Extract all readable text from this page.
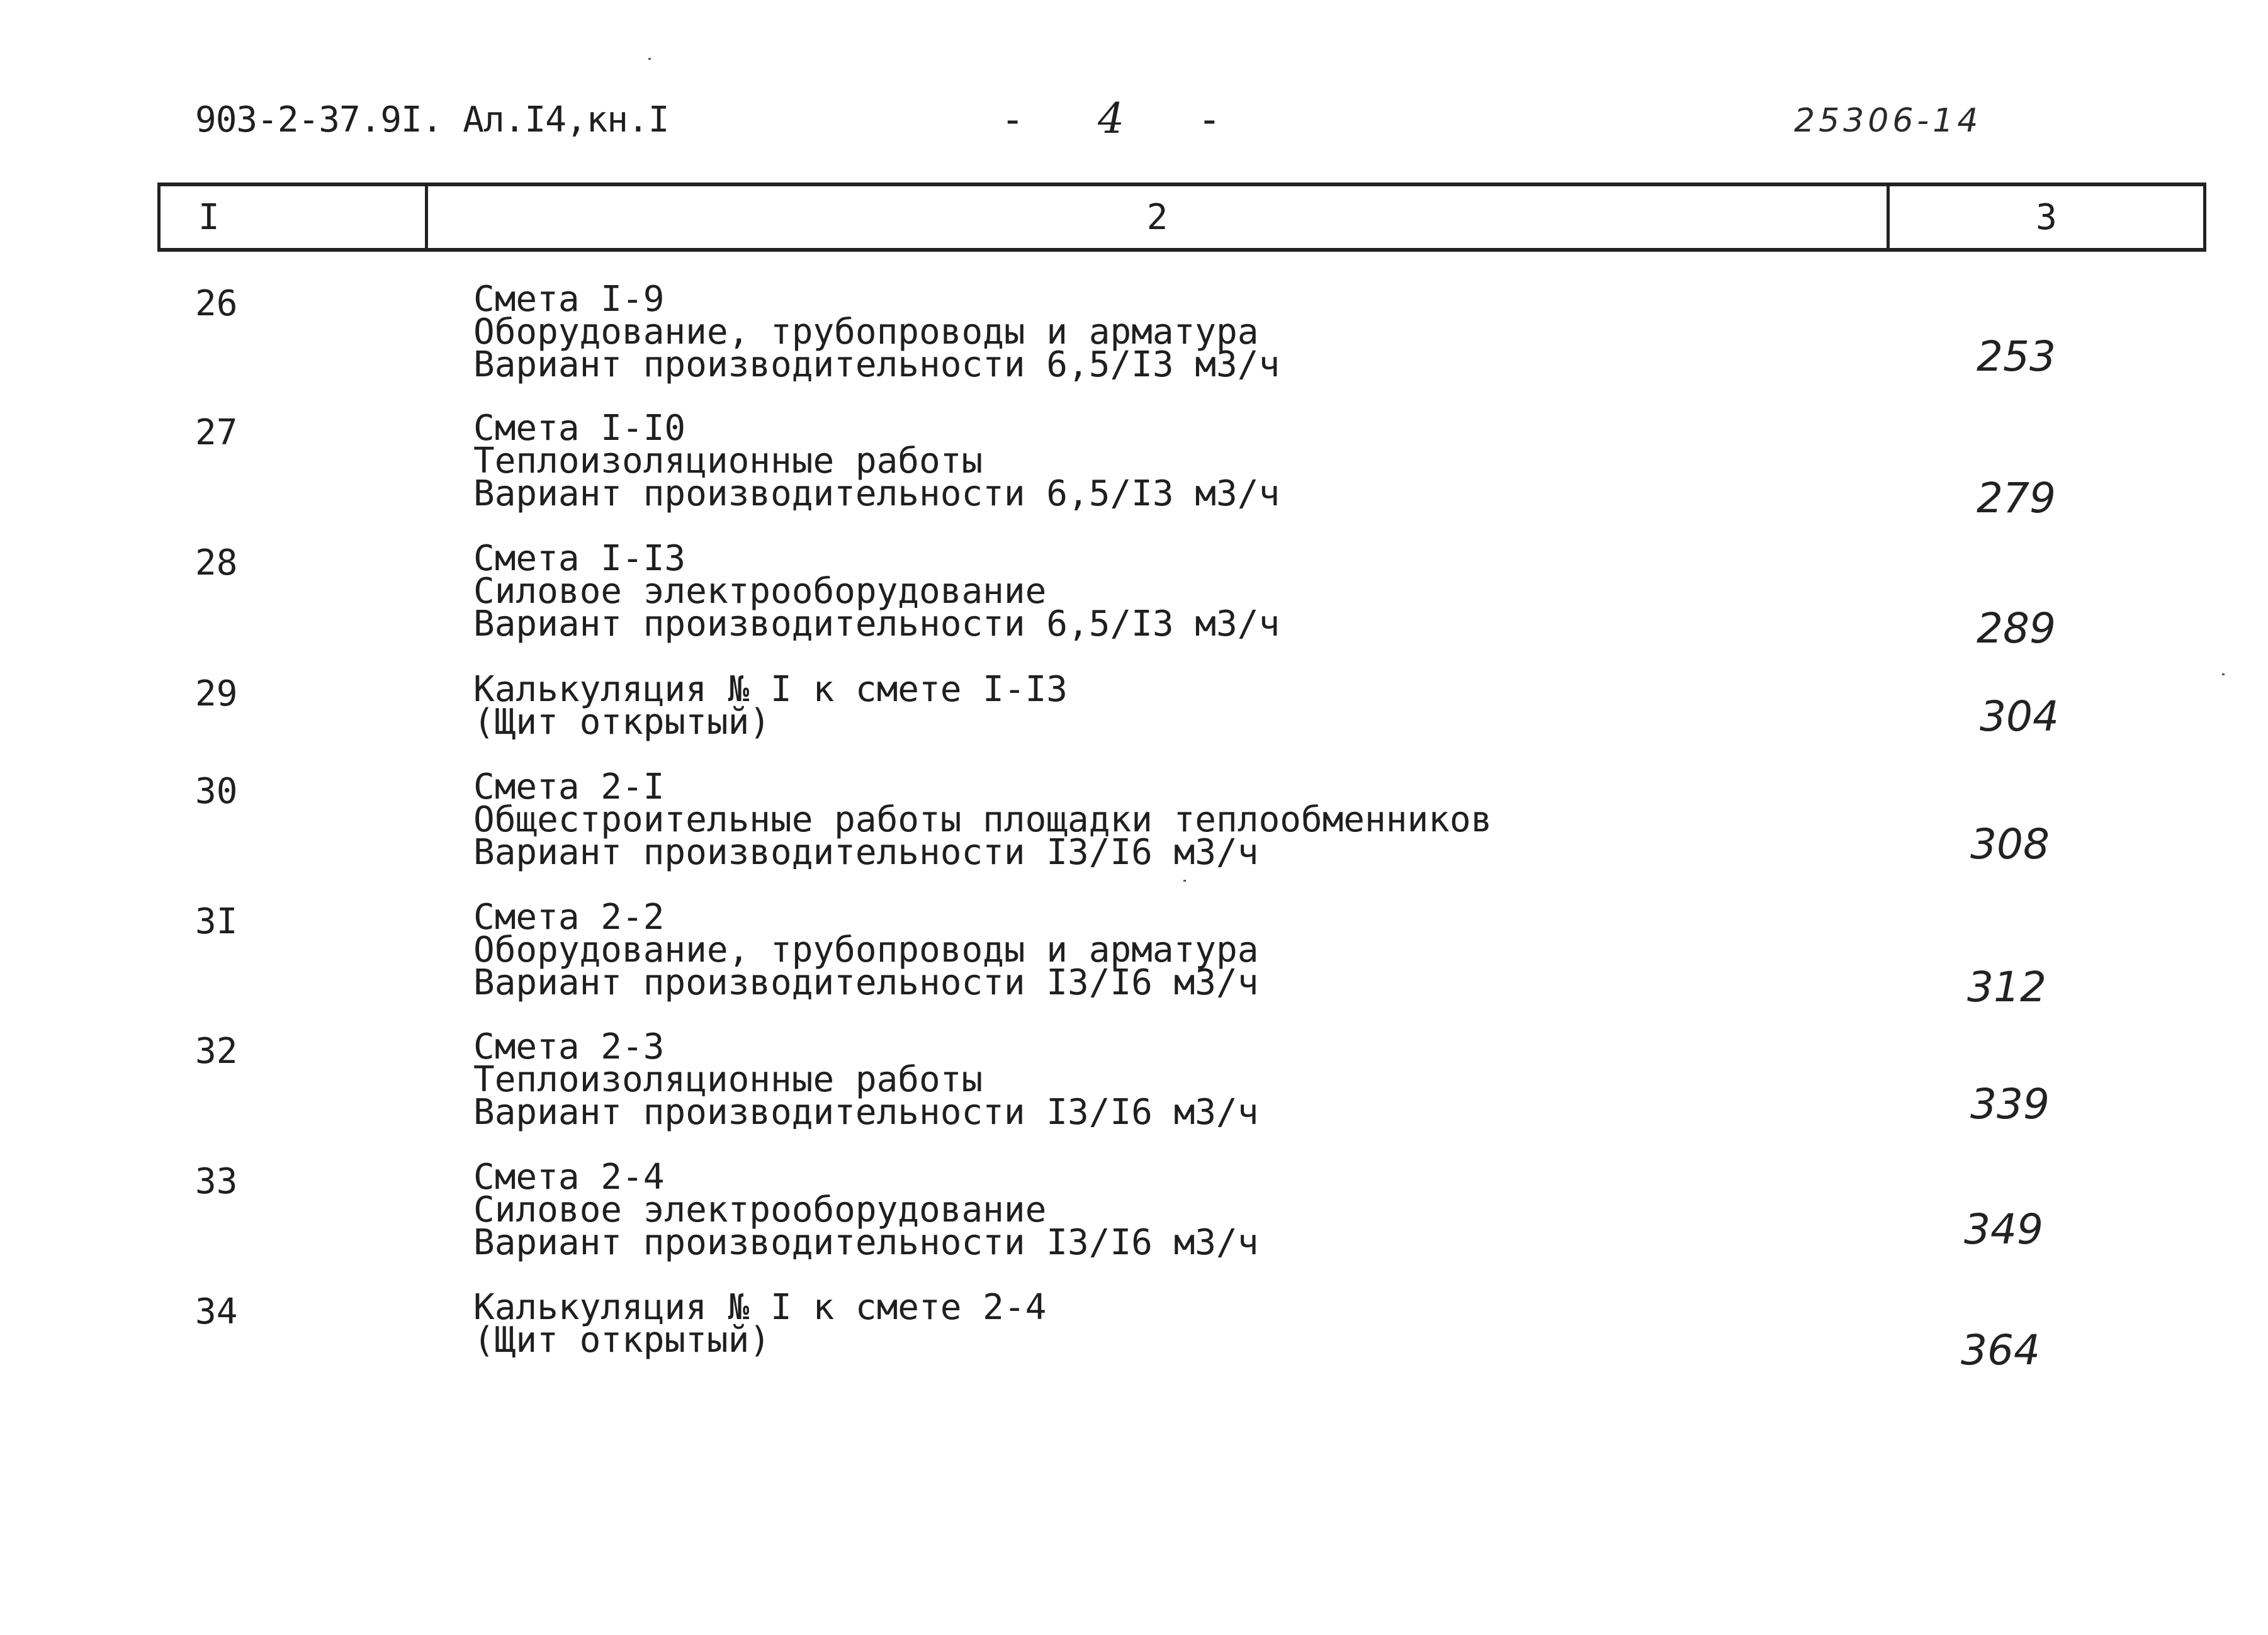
903-2-37.9I. Ал.I4,кн.I	- 4 -	25306-14
I	2	3
26	Смета I-9
Оборудование, трубопроводы и арматура
Вариант производительности 6,5/I3 м3/ч	253
27	Смета I-I0
Теплоизоляционные работы
Вариант производительности 6,5/I3 м3/ч	279
28	Смета I-I3
Силовое электрооборудование
Вариант производительности 6,5/I3 м3/ч	289
29	Калькуляция № I к смете I-I3
(Щит открытый)	304
30	Смета 2-I
Общестроительные работы площадки теплообменников
Вариант производительности I3/I6 м3/ч	308
3I	Смета 2-2
Оборудование, трубопроводы и арматура
Вариант производительности I3/I6 м3/ч	312
32	Смета 2-3
Теплоизоляционные работы
Вариант производительности I3/I6 м3/ч	339
33	Смета 2-4
Силовое электрооборудование
Вариант производительности I3/I6 м3/ч	349
34	Калькуляция № I к смете 2-4
(Щит открытый)	364
